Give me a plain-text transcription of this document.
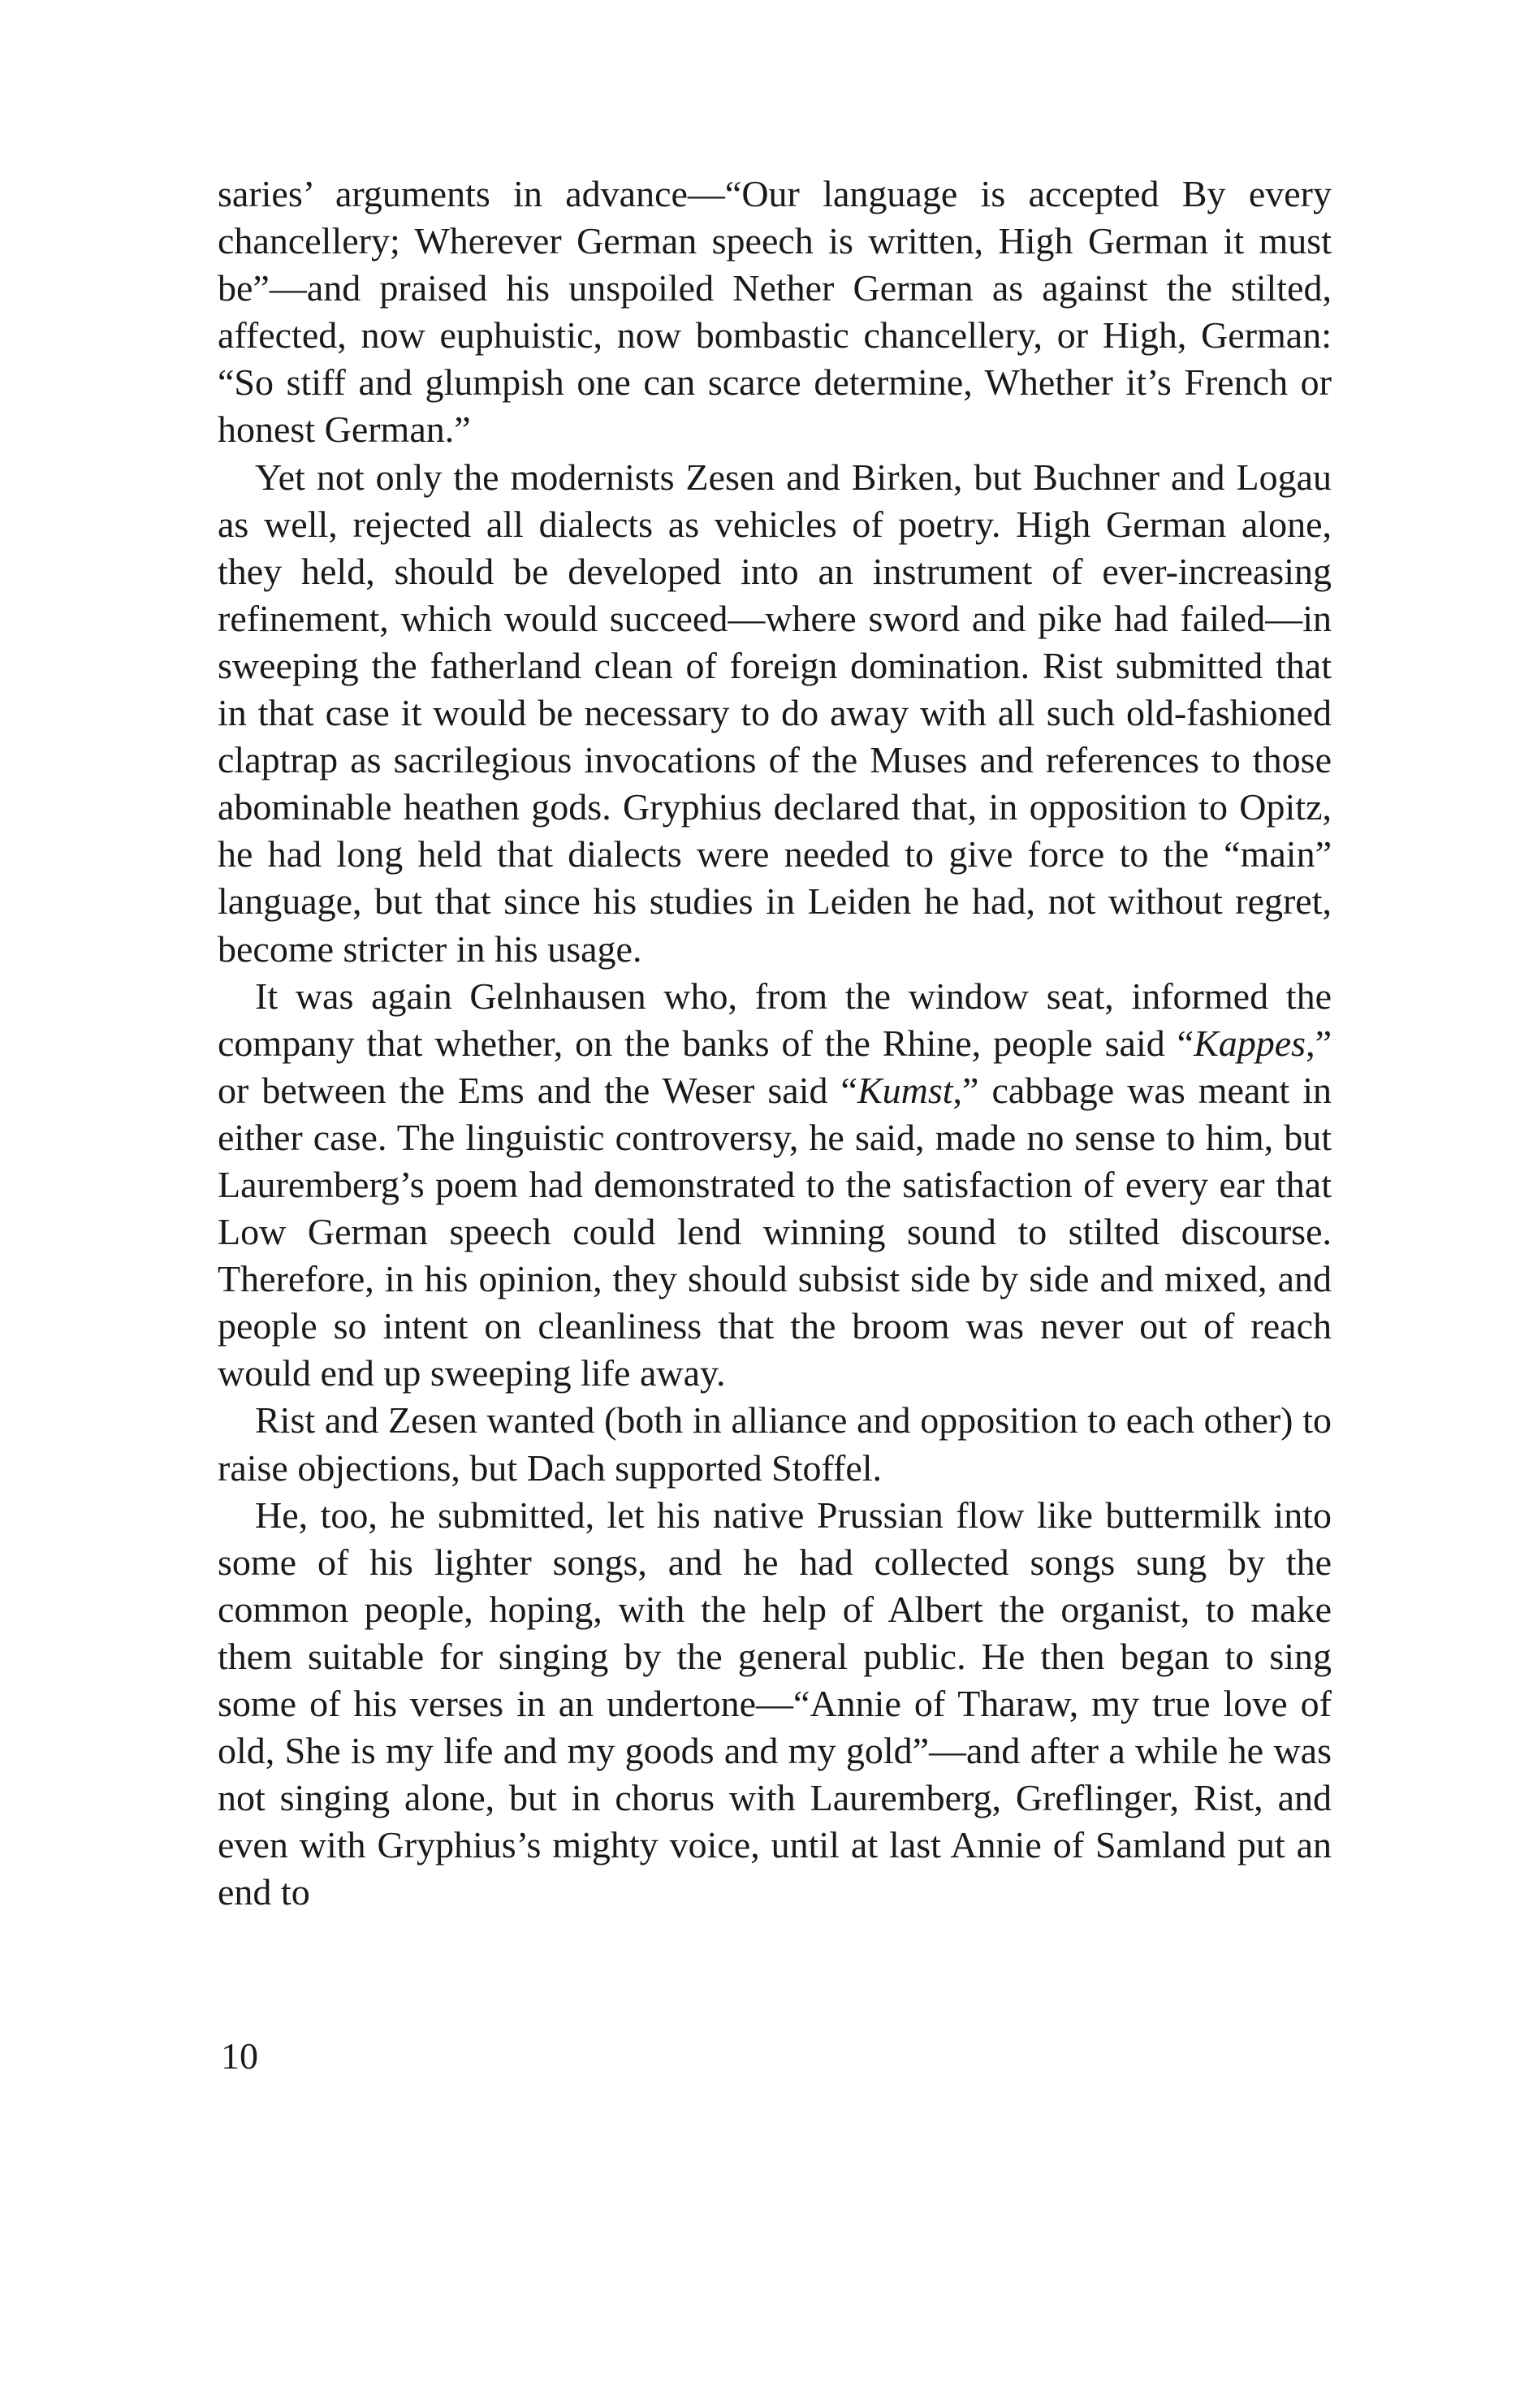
saries’ arguments in advance—“Our language is accepted By every chancellery; Wherever German speech is written, High German it must be”—and praised his unspoiled Nether German as against the stilted, affected, now euphuistic, now bombastic chancellery, or High, German: “So stiff and glumpish one can scarce determine, Whether it’s French or honest German.”

Yet not only the modernists Zesen and Birken, but Buchner and Logau as well, rejected all dialects as vehicles of poetry. High German alone, they held, should be developed into an instrument of ever-increasing refinement, which would succeed—where sword and pike had failed—in sweeping the fatherland clean of foreign domination. Rist submitted that in that case it would be necessary to do away with all such old-fashioned claptrap as sacrilegious invocations of the Muses and references to those abominable heathen gods. Gryphius declared that, in opposition to Opitz, he had long held that dialects were needed to give force to the “main” language, but that since his studies in Leiden he had, not without regret, become stricter in his usage.

It was again Gelnhausen who, from the window seat, informed the company that whether, on the banks of the Rhine, people said “Kappes,” or between the Ems and the Weser said “Kumst,” cabbage was meant in either case. The linguistic controversy, he said, made no sense to him, but Lauremberg’s poem had demonstrated to the satisfaction of every ear that Low German speech could lend winning sound to stilted discourse. Therefore, in his opinion, they should subsist side by side and mixed, and people so intent on cleanliness that the broom was never out of reach would end up sweeping life away.

Rist and Zesen wanted (both in alliance and opposition to each other) to raise objections, but Dach supported Stoffel.

He, too, he submitted, let his native Prussian flow like buttermilk into some of his lighter songs, and he had collected songs sung by the common people, hoping, with the help of Albert the organist, to make them suitable for singing by the general public. He then began to sing some of his verses in an undertone—“Annie of Tharaw, my true love of old, She is my life and my goods and my gold”—and after a while he was not singing alone, but in chorus with Lauremberg, Greflinger, Rist, and even with Gryphius’s mighty voice, until at last Annie of Samland put an end to

10
